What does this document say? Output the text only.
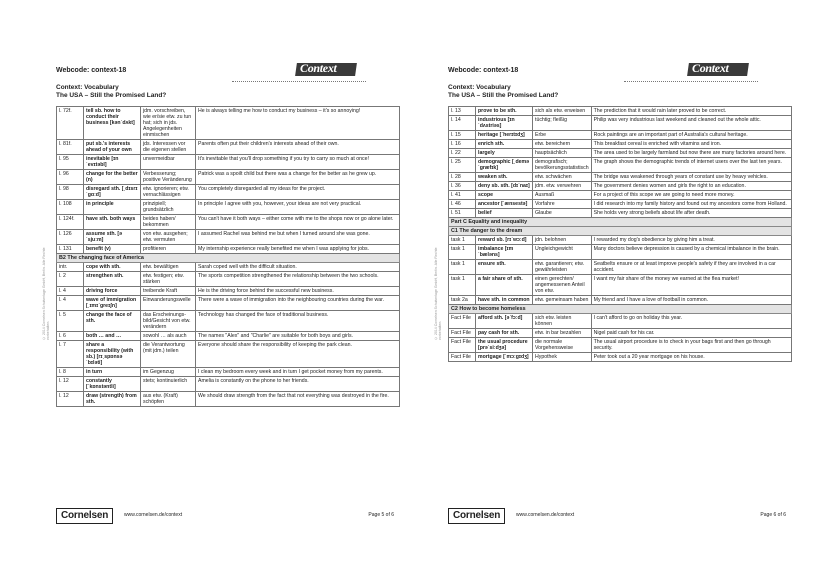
Webcode: context-18	Context
Context: Vocabulary
The USA – Still the Promised Land?
© 2014 Cornelsen Schulverlage GmbH, Berlin. Alle Rechte vorbehalten.
l. 72f.	tell sb. how to conduct their business [kənˈdʌkt]	jdm. vorschreiben, wie er/sie etw. zu tun hat; sich in jds. Angelegenheiten einmischen	He is always telling me how to conduct my business – it's so annoying!
l. 81f.	put sb.'s interests ahead of your own	jds. Interessen vor die eigenen stellen	Parents often put their children's interests ahead of their own.
l. 95	inevitable [ɪnˈevɪtəbl]	unvermeidbar	It's inevitable that you'll drop something if you try to carry so much at once!
l. 96	change for the better (n)	Verbesserung; positive Veränderung	Patrick was a spoilt child but there was a change for the better as he grew up.
l. 98	disregard sth. [ˌdɪsrɪˈɡɑːd]	etw. ignorieren; etw. vernachlässigen	You completely disregarded all my ideas for the project.
l. 108	in principle	prinzipiell; grundsätzlich	In principle I agree with you, however, your ideas are not very practical.
l. 124f.	have sth. both ways	beides haben/ bekommen	You can't have it both ways – either come with me to the shops now or go alone later.
l. 126	assume sth. [əˈsjuːm]	von etw. ausgehen; etw. vermuten	I assumed Rachel was behind me but when I turned around she was gone.
l. 131	benefit (v)	profitieren	My internship experience really benefited me when I was applying for jobs.
B2 The changing face of America			
intr.	cope with sth.	etw. bewältigen	Sarah coped well with the difficult situation.
l. 2	strengthen sth.	etw. festigen; etw. stärken	The sports competition strengthened the relationship between the two schools.
l. 4	driving force	treibende Kraft	He is the driving force behind the successful new business.
l. 4	wave of immigration [ˌɪmɪˈɡreɪʃn]	Einwanderungswelle	There were a wave of immigration into the neighbouring countries during the war.
l. 5	change the face of sth.	das Erscheinungs-bild/Gesicht von etw. verändern	Technology has changed the face of traditional business.
l. 6	both … and …	sowohl … als auch	The names "Alex" and "Charlie" are suitable for both boys and girls.
l. 7	share a responsibility (with sb.) [rɪˌspɒnsəˈbɪləti]	die Verantwortung (mit jdm.) teilen	Everyone should share the responsibility of keeping the park clean.
l. 8	in turn	im Gegenzug	I clean my bedroom every week and in turn I get pocket money from my parents.
l. 12	constantly [ˈkɒnstəntli]	stets; kontinuierlich	Amelia is constantly on the phone to her friends.
l. 12	draw (strength) from sth.	aus etw. (Kraft) schöpfen	We should draw strength from the fact that not everything was destroyed in the fire.
Cornelsen	www.cornelsen.de/context	Page 5 of 6
Webcode: context-18	Context
Context: Vocabulary
The USA – Still the Promised Land?
© 2014 Cornelsen Schulverlage GmbH, Berlin. Alle Rechte vorbehalten.
l. 13	prove to be sth.	sich als etw. erweisen	The prediction that it would rain later proved to be correct.
l. 14	industrious [ɪnˈdʌstriəs]	tüchtig; fleißig	Philip was very industrious last weekend and cleaned out the whole attic.
l. 15	heritage [ˈherɪtɪdʒ]	Erbe	Rock paintings are an important part of Australia's cultural heritage.
l. 16	enrich sth.	etw. bereichern	This breakfast cereal is enriched with vitamins and iron.
l. 22	largely	hauptsächlich	The area used to be largely farmland but now there are many factories around here.
l. 25	demographic [ˌdeməˈɡræfɪk]	demografisch; bevölkerungsstatistisch	The graph shows the demographic trends of internet users over the last ten years.
l. 28	weaken sth.	etw. schwächen	The bridge was weakened through years of constant use by heavy vehicles.
l. 36	deny sb. sth. [dɪˈnaɪ]	jdm. etw. verwehren	The government denies women and girls the right to an education.
l. 41	scope	Ausmaß	For a project of this scope we are going to need more money.
l. 46	ancestor [ˈænsestə]	Vorfahre	I did research into my family history and found out my ancestors come from Holland.
l. 51	belief	Glaube	She holds very strong beliefs about life after death.
Part C Equality and inequality			
C1 The danger to the dream			
task 1	reward sb. [rɪˈwɔːd]	jdn. belohnen	I rewarded my dog's obedience by giving him a treat.
task 1	imbalance [ɪmˈbæləns]	Ungleichgewicht	Many doctors believe depression is caused by a chemical imbalance in the brain.
task 1	ensure sth.	etw. garantieren; etw. gewährleisten	Seatbelts ensure or at least improve people's safety if they are involved in a car accident.
task 1	a fair share of sth.	einen gerechten/ angemessenen Anteil von etw.	I want my fair share of the money we earned at the flea market!
task 2a	have sth. in common	etw. gemeinsam haben	My friend and I have a love of football in common.
C2 How to become homeless			
Fact File	afford sth. [əˈfɔːd]	sich etw. leisten können	I can't afford to go on holiday this year.
Fact File	pay cash for sth.	etw. in bar bezahlen	Nigel paid cash for his car.
Fact File	the usual procedure [prəˈsiːdʒə]	die normale Vorgehensweise	The usual airport procedure is to check in your bags first and then go through security.
Fact File	mortgage [ˈmɔːɡɪdʒ]	Hypothek	Peter took out a 20 year mortgage on his house.
Cornelsen	www.cornelsen.de/context	Page 6 of 6
